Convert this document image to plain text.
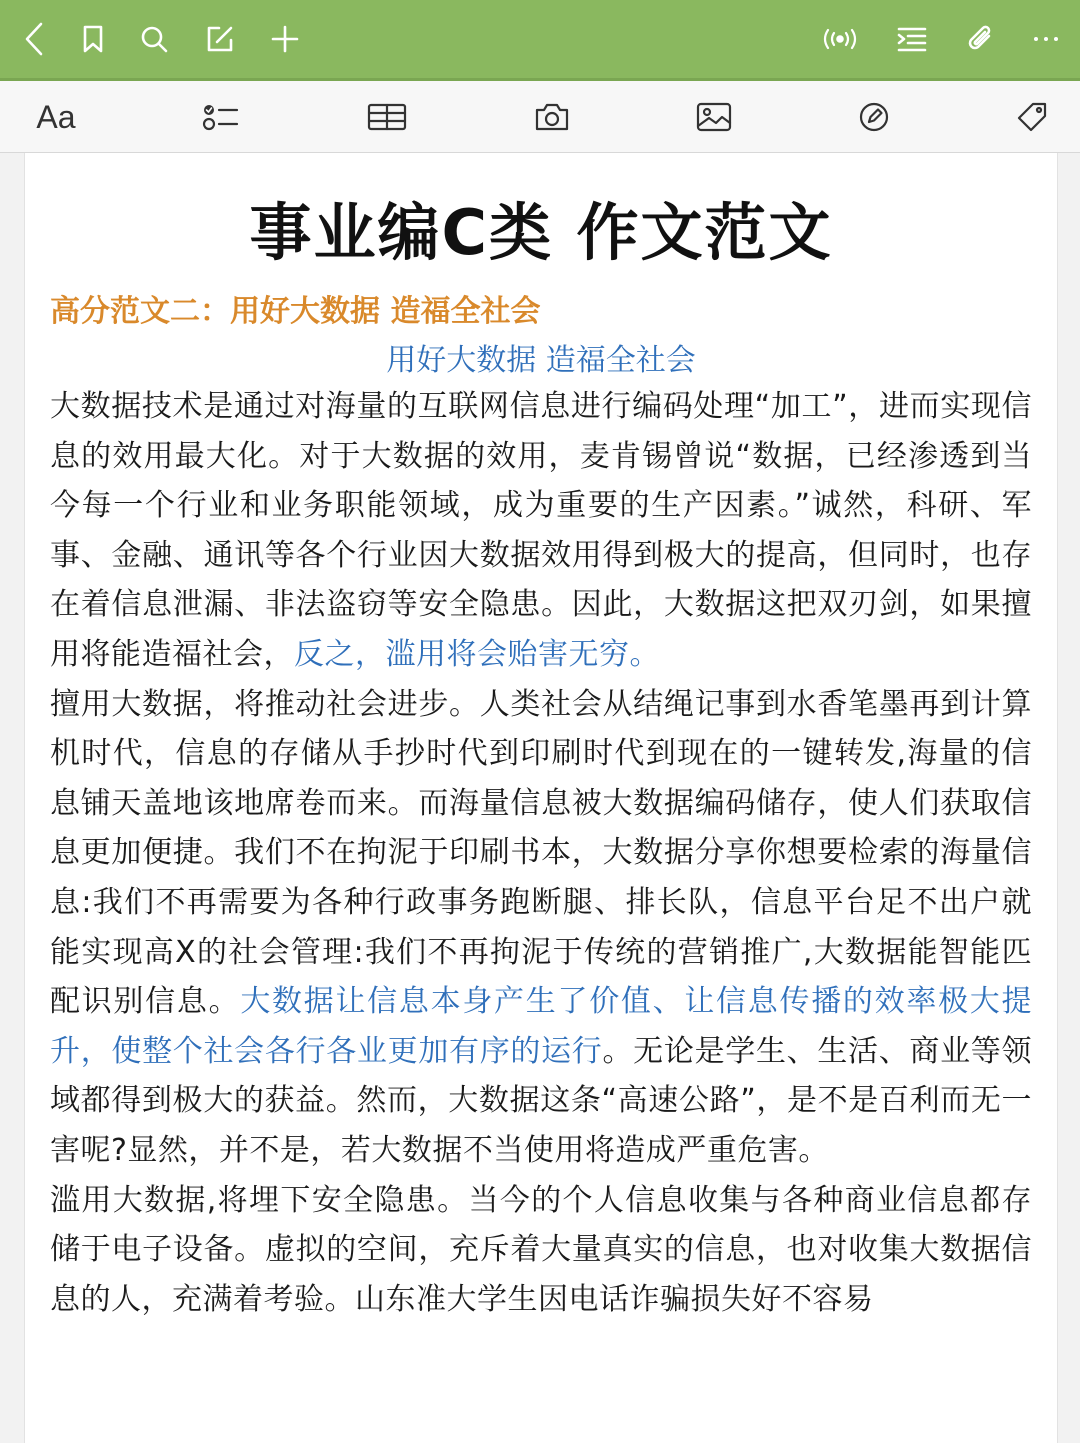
Aa
事业编C类 作文范文
高分范文二：用好大数据 造福全社会
用好大数据 造福全社会

大数据技术是通过对海量的互联网信息进行编码处理“加工”，进而实现信息的效用最大化。对于大数据的效用，麦肯锡曾说“数据，已经渗透到当今每一个行业和业务职能领域，成为重要的生产因素。”诚然，科研、军事、金融、通讯等各个行业因大数据效用得到极大的提高，但同时，也存在着信息泄漏、非法盗窃等安全隐患。因此，大数据这把双刃剑，如果擅用将能造福社会，反之，滥用将会贻害无穷。

擅用大数据，将推动社会进步。人类社会从结绳记事到水香笔墨再到计算机时代，信息的存储从手抄时代到印刷时代到现在的一键转发,海量的信息铺天盖地该地席卷而来。而海量信息被大数据编码储存，使人们获取信息更加便捷。我们不在拘泥于印刷书本，大数据分享你想要检索的海量信息:我们不再需要为各种行政事务跑断腿、排长队，信息平台足不出户就能实现高X的社会管理:我们不再拘泥于传统的营销推广,大数据能智能匹配识别信息。大数据让信息本身产生了价值、让信息传播的效率极大提升，使整个社会各行各业更加有序的运行。无论是学生、生活、商业等领域都得到极大的获益。然而，大数据这条“高速公路”，是不是百利而无一害呢?显然，并不是，若大数据不当使用将造成严重危害。

滥用大数据,将埋下安全隐患。当今的个人信息收集与各种商业信息都存储于电子设备。虚拟的空间，充斥着大量真实的信息，也对收集大数据信息的人，充满着考验。山东准大学生因电话诈骗损失好不容易
